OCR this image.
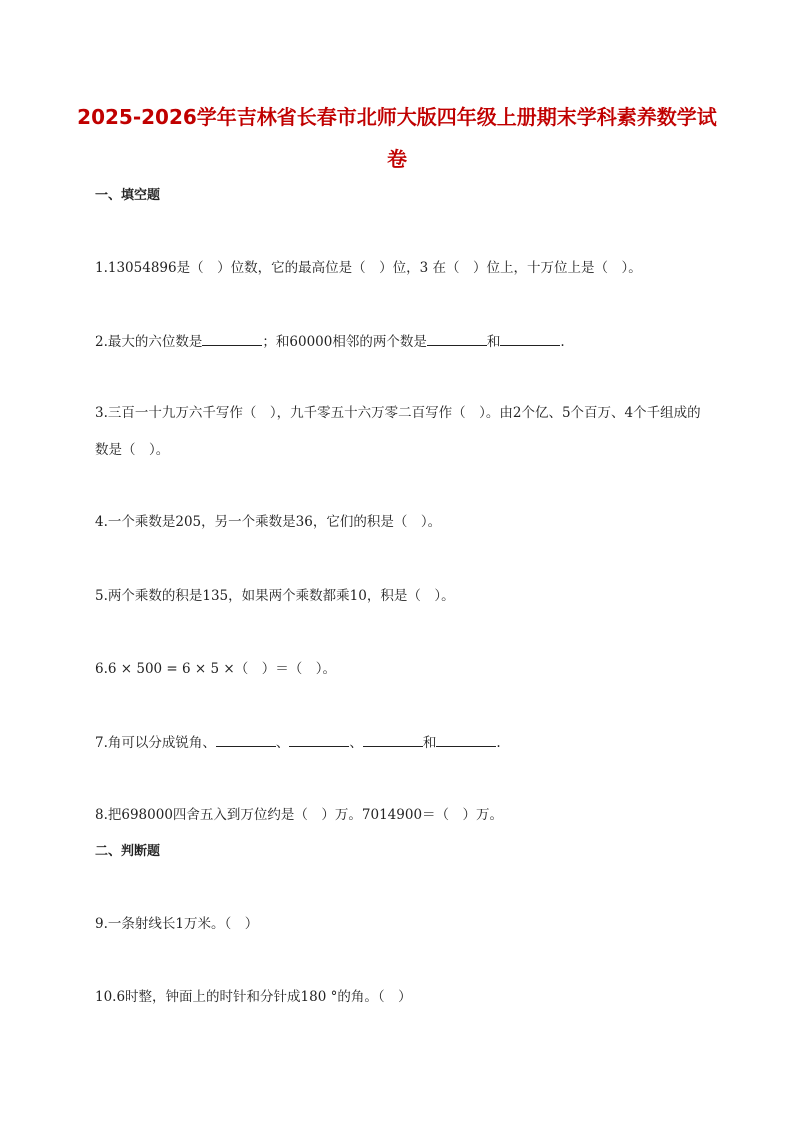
2025-2026学年吉林省长春市北师大版四年级上册期末学科素养数学试
卷
一、填空题

1.13054896是（　）位数，它的最高位是（　）位，3 在（　）位上，十万位上是（　）。

2.最大的六位数是	；和60000相邻的两个数是	和	.

3.三百一十九万六千写作（　），九千零五十六万零二百写作（　）。由2个亿、5个百万、4个千组成的数是（　）。

4.一个乘数是205，另一个乘数是36，它们的积是（　）。

5.两个乘数的积是135，如果两个乘数都乘10，积是（　）。

6.6 × 500 = 6 × 5 ×（　）＝（　）。

7.角可以分成锐角、	、	、	和	.

8.把698000四舍五入到万位约是（　）万。7014900＝（　）万。

二、判断题

9.一条射线长1万米。（　）

10.6时整，钟面上的时针和分针成180 °的角。（　）
